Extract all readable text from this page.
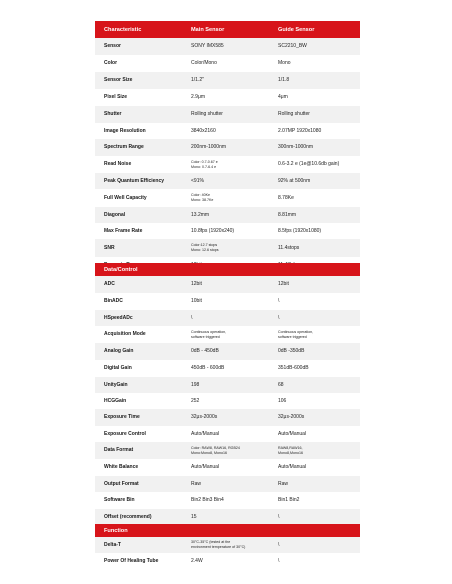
Characteristic	Main Sensor	Guide Sensor
Sensor	SONY IMX585	SC2210_BW
Color	Color/Mono	Mono
Sensor Size	1/1.2''	1/1.8
Pixel Size	2.9μm	4μm
Shutter	Rolling shutter	Rolling shutter
Image Resolution	3840x2160	2.07MP 1920x1080
Spectrum Range	200nm-1000nm	300nm-1000nm
Read Noise	Color: 0.7-0.67 e
Mono: 0.7-6.4 e	0.6-3.2 e (1e@10.6db gain)
Peak Quantum Efficiency	<91%	92% at 500nm
Full Well Capacity	Color: 40Ke
Mono: 38.7Ke	8.78Ke
Diagonal	13.2mm	8.81mm
Max Frame Rate	10.8fps (1920x240)	8.5fps (1920x1080)
SNR	Color:12.7 stops
Mono: 12.6 stops	11.4stops

Data/Control
ADC	12bit	12bit
BinADC	10bit	\
HSpeedADc	\	\
Acquisition Mode	Continuous operation,
software triggered	Continuous operation,
software triggered
Analog Gain	0dB - 450dB	0dB -350dB
Digital Gain	450dB - 600dB	351dB-600dB
UnityGain	198	68
HCGGain	252	106
Exposure Time	32μs-2000s	32μs-2000s
Exposure Control	Auto/Manual	Auto/Manual
Data Format	Color: RAW8, RAW16, RGB24
Mono:Mono8, Mono16	RAW8,RAW16,
Mono8,Mono16
White Balance	Auto/Manual	Auto/Manual
Output Format	Raw	Raw
Software Bin	Bin2 Bin3 Bin4	Bin1 Bin2
Offset (recommend)	15	\
Function
Delta-T	30°C-35°C (tested at the
environment temperature of 30°C)	\
Power Of Healing Tube	2.4W	\
